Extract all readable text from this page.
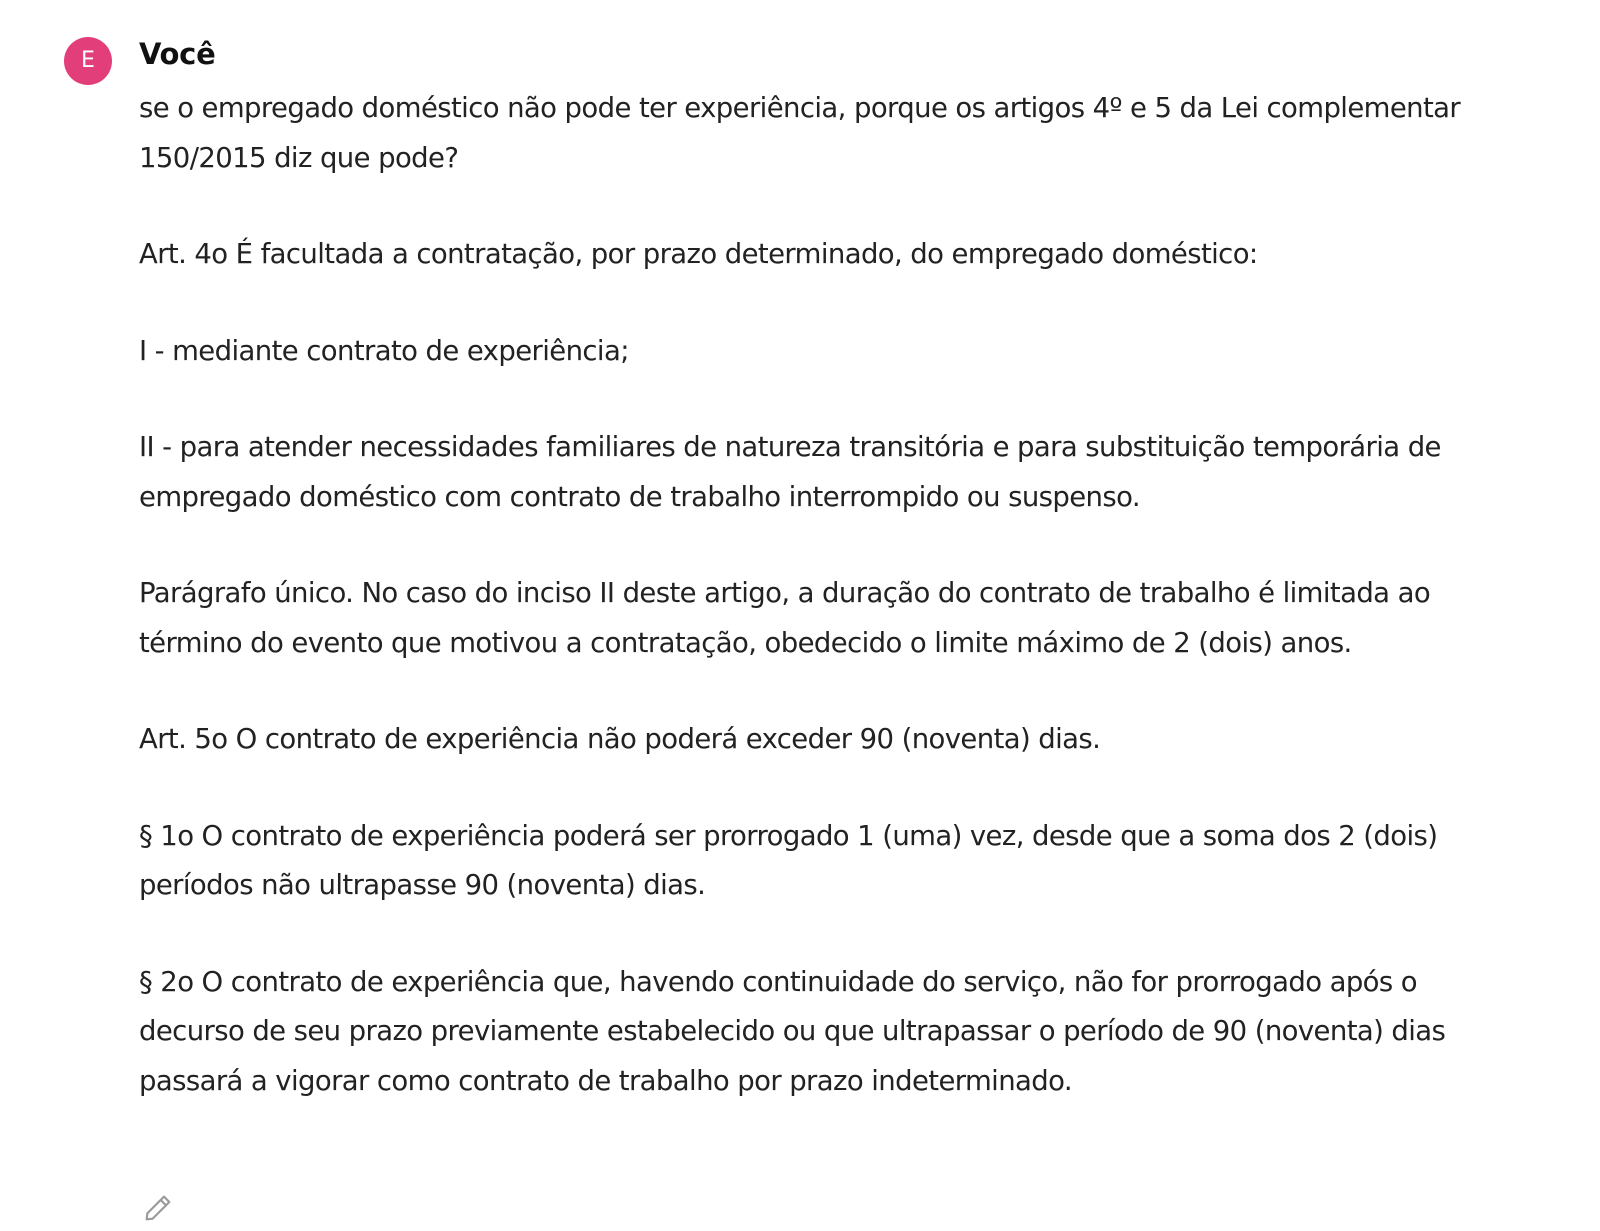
E	Você

se o empregado doméstico não pode ter experiência, porque os artigos 4º e 5 da Lei complementar 150/2015 diz que pode?

Art. 4o É facultada a contratação, por prazo determinado, do empregado doméstico:

I - mediante contrato de experiência;

II - para atender necessidades familiares de natureza transitória e para substituição temporária de empregado doméstico com contrato de trabalho interrompido ou suspenso.

Parágrafo único. No caso do inciso II deste artigo, a duração do contrato de trabalho é limitada ao término do evento que motivou a contratação, obedecido o limite máximo de 2 (dois) anos.

Art. 5o O contrato de experiência não poderá exceder 90 (noventa) dias.

§ 1o O contrato de experiência poderá ser prorrogado 1 (uma) vez, desde que a soma dos 2 (dois) períodos não ultrapasse 90 (noventa) dias.

§ 2o O contrato de experiência que, havendo continuidade do serviço, não for prorrogado após o decurso de seu prazo previamente estabelecido ou que ultrapassar o período de 90 (noventa) dias passará a vigorar como contrato de trabalho por prazo indeterminado.
